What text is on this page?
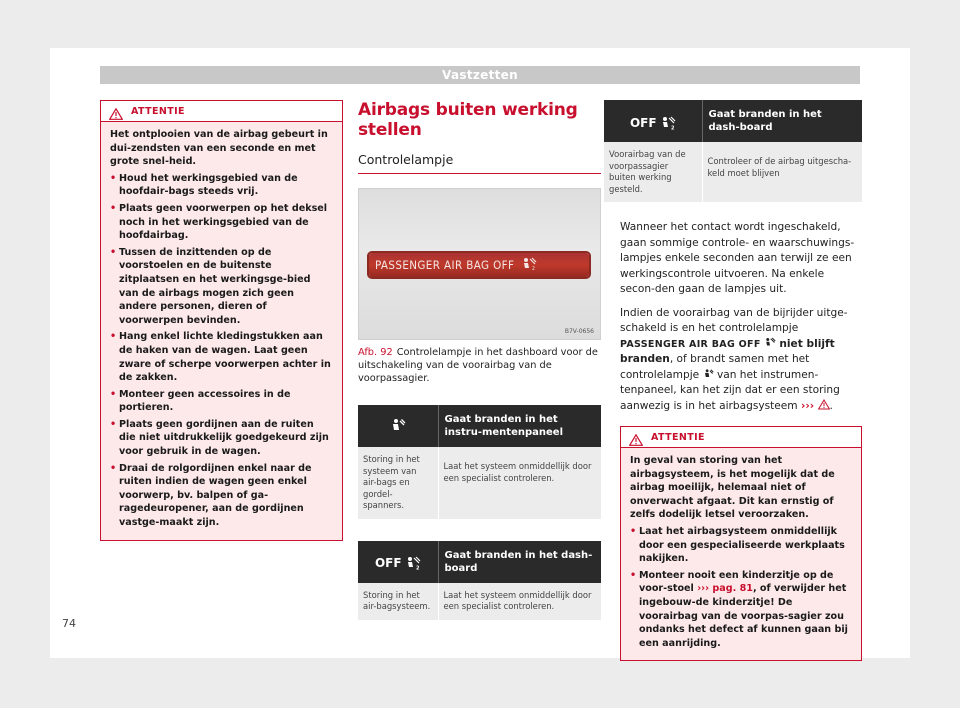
Vastzetten
ATTENTIE

Het ontplooien van de airbag gebeurt in dui-zendsten van een seconde en met grote snel-heid.

• Houd het werkingsgebied van de hoofdair-bags steeds vrij.
• Plaats geen voorwerpen op het deksel noch in het werkingsgebied van de hoofdairbag.
• Tussen de inzittenden op de voorstoelen en de buitenste zitplaatsen en het werkingsge-bied van de airbags mogen zich geen andere personen, dieren of voorwerpen bevinden.
• Hang enkel lichte kledingstukken aan de haken van de wagen. Laat geen zware of scherpe voorwerpen achter in de zakken.
• Monteer geen accessoires in de portieren.
• Plaats geen gordijnen aan de ruiten die niet uitdrukkelijk goedgekeurd zijn voor gebruik in de wagen.
• Draai de rolgordijnen enkel naar de ruiten indien de wagen geen enkel voorwerp, bv. balpen of ga-ragedeuropener, aan de gordijnen vastge-maakt zijn.
Airbags buiten werking stellen
Controlelampje
PASSENGER AIR BAG OFF	2
B7V-0656
Afb. 92 Controlelampje in het dashboard voor de uitschakeling van de voorairbag van de voorpassagier.
	Gaat branden in het instru-mentenpaneel
Storing in het systeem van air-bags en gordel-spanners.	Laat het systeem onmiddellijk door een specialist controleren.
OFF 2	Gaat branden in het dash-board
Storing in het air-bagsysteem.	Laat het systeem onmiddellijk door een specialist controleren.
OFF 2	Gaat branden in het dash-board
Voorairbag van de voorpassagier buiten werking gesteld.	Controleer of de airbag uitgescha-keld moet blijven

Wanneer het contact wordt ingeschakeld, gaan sommige controle- en waarschuwings-lampjes enkele seconden aan terwijl ze een werkingscontrole uitvoeren. Na enkele secon-den gaan de lampjes uit.

Indien de voorairbag van de bijrijder uitge-schakeld is en het controlelampje PASSENGER AIR BAG OFF niet blijft branden, of brandt samen met het controlelampje van het instrumen-tenpaneel, kan het zijn dat er een storing aanwezig is in het airbagsysteem ››› .

ATTENTIE

In geval van storing van het airbagsysteem, is het mogelijk dat de airbag moeilijk, helemaal niet of onverwacht afgaat. Dit kan ernstig of zelfs dodelijk letsel veroorzaken.

• Laat het airbagsysteem onmiddellijk door een gespecialiseerde werkplaats nakijken.
• Monteer nooit een kinderzitje op de voor-stoel ››› pag. 81, of verwijder het ingebouw-de kinderzitje! De voorairbag van de voorpas-sagier zou ondanks het defect af kunnen gaan bij een aanrijding.
74
